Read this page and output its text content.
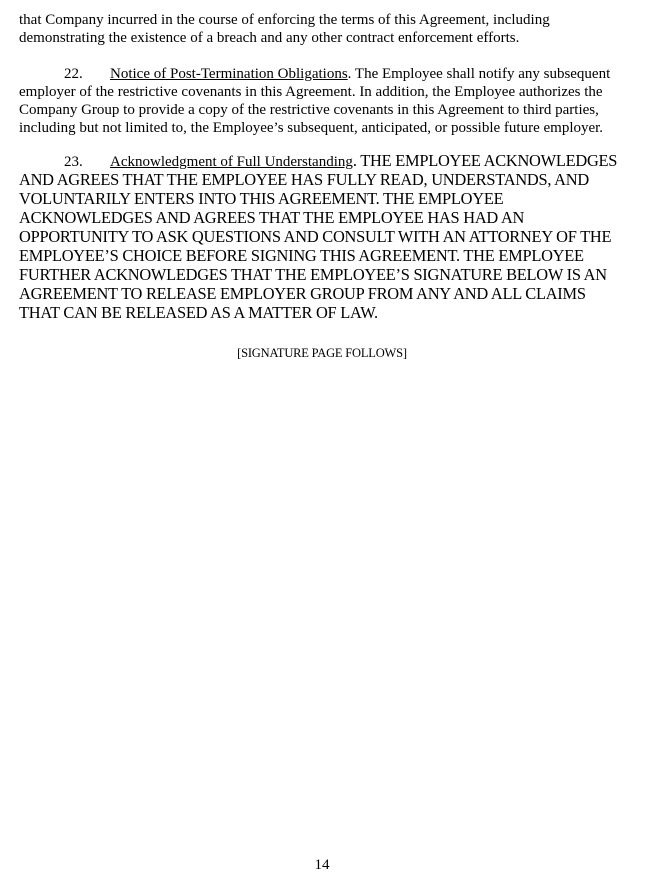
that Company incurred in the course of enforcing the terms of this Agreement, including demonstrating the existence of a breach and any other contract enforcement efforts.

22. Notice of Post-Termination Obligations. The Employee shall notify any subsequent employer of the restrictive covenants in this Agreement. In addition, the Employee authorizes the Company Group to provide a copy of the restrictive covenants in this Agreement to third parties, including but not limited to, the Employee’s subsequent, anticipated, or possible future employer.

23. Acknowledgment of Full Understanding. THE EMPLOYEE ACKNOWLEDGES AND AGREES THAT THE EMPLOYEE HAS FULLY READ, UNDERSTANDS, AND VOLUNTARILY ENTERS INTO THIS AGREEMENT. THE EMPLOYEE ACKNOWLEDGES AND AGREES THAT THE EMPLOYEE HAS HAD AN OPPORTUNITY TO ASK QUESTIONS AND CONSULT WITH AN ATTORNEY OF THE EMPLOYEE’S CHOICE BEFORE SIGNING THIS AGREEMENT. THE EMPLOYEE FURTHER ACKNOWLEDGES THAT THE EMPLOYEE’S SIGNATURE BELOW IS AN AGREEMENT TO RELEASE EMPLOYER GROUP FROM ANY AND ALL CLAIMS THAT CAN BE RELEASED AS A MATTER OF LAW.

[SIGNATURE PAGE FOLLOWS]
14
